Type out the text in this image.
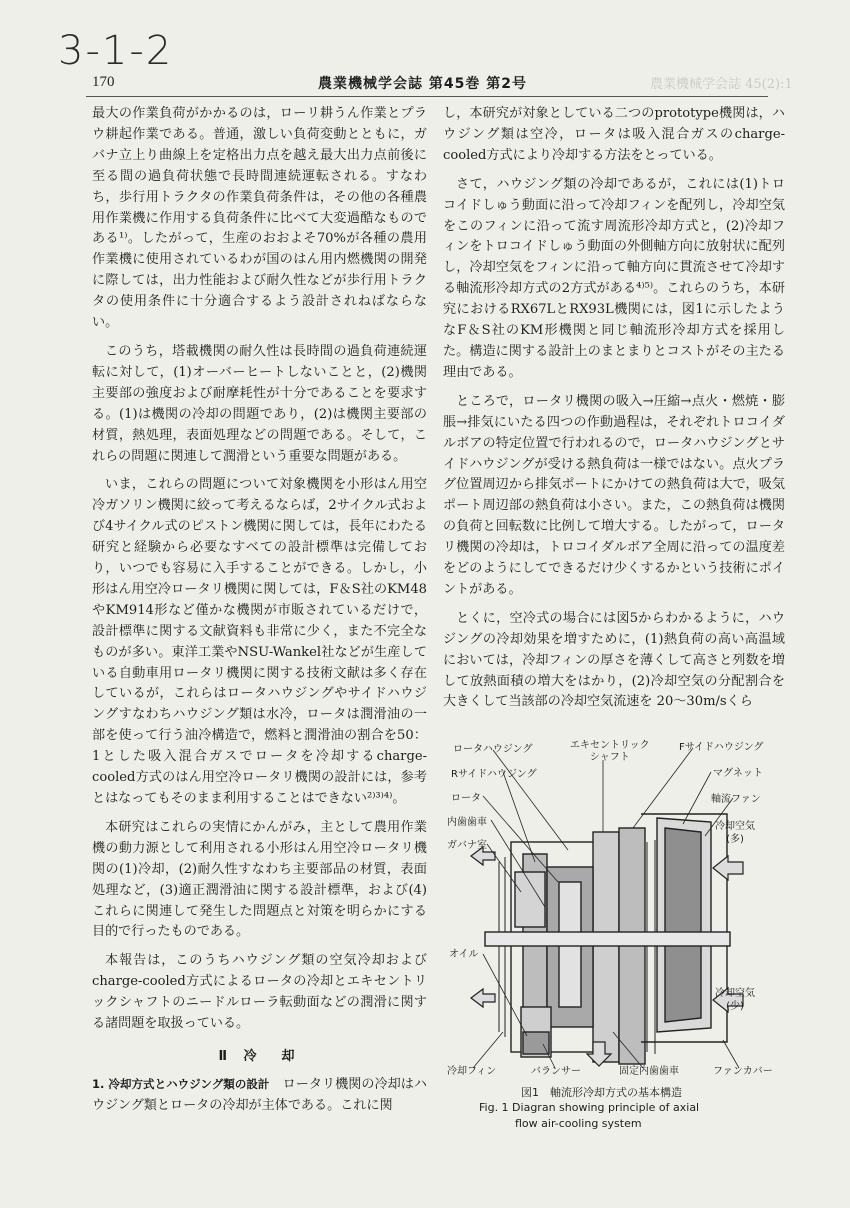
3-1-2
170	農業機械学会誌 第45巻 第2号	農業機械学会誌 45(2):1

最大の作業負荷がかかるのは，ローリ耕うん作業とプラウ耕起作業である。普通，激しい負荷変動とともに，ガバナ立上り曲線上を定格出力点を越え最大出力点前後に至る間の過負荷状態で長時間連続運転される。すなわち，歩行用トラクタの作業負荷条件は，その他の各種農用作業機に作用する負荷条件に比べて大変過酷なものである¹⁾。したがって，生産のおおよそ70%が各種の農用作業機に使用されているわが国のはん用内燃機関の開発に際しては，出力性能および耐久性などが歩行用トラクタの使用条件に十分適合するよう設計されねばならない。

このうち，塔載機関の耐久性は長時間の過負荷連続運転に対して，(1)オーバーヒートしないことと，(2)機関主要部の強度および耐摩耗性が十分であることを要求する。(1)は機関の冷却の問題であり，(2)は機関主要部の材質，熱処理，表面処理などの問題である。そして，これらの問題に関連して潤滑という重要な問題がある。

いま，これらの問題について対象機関を小形はん用空冷ガソリン機関に絞って考えるならば，2サイクル式および4サイクル式のピストン機関に関しては，長年にわたる研究と経験から必要なすべての設計標準は完備しており，いつでも容易に入手することができる。しかし，小形はん用空冷ロータリ機関に関しては，F＆S社のKM48やKM914形など僅かな機関が市販されているだけで，設計標準に関する文献資料も非常に少く，また不完全なものが多い。東洋工業やNSU-Wankel社などが生産している自動車用ロータリ機関に関する技術文献は多く存在しているが，これらはロータハウジングやサイドハウジングすなわちハウジング類は水冷，ロータは潤滑油の一部を使って行う油冷構造で，燃料と潤滑油の割合を50：1とした吸入混合ガスでロータを冷却するcharge-cooled方式のはん用空冷ロータリ機関の設計には，参考とはなってもそのまま利用することはできない²⁾³⁾⁴⁾。

本研究はこれらの実情にかんがみ，主として農用作業機の動力源として利用される小形はん用空冷ロータリ機関の(1)冷却，(2)耐久性すなわち主要部品の材質，表面処理など，(3)適正潤滑油に関する設計標準，および(4)これらに関連して発生した問題点と対策を明らかにする目的で行ったものである。

本報告は，このうちハウジング類の空気冷却およびcharge-cooled方式によるロータの冷却とエキセントリックシャフトのニードルローラ転動面などの潤滑に関する諸問題を取扱っている。

Ⅱ 冷　却

1. 冷却方式とハウジング類の設計　 ロータリ機関の冷却はハウジング類とロータの冷却が主体である。これに関

し，本研究が対象としている二つのprototype機関は，ハウジング類は空冷，ロータは吸入混合ガスのcharge-cooled方式により冷却する方法をとっている。

さて，ハウジング類の冷却であるが，これには(1)トロコイドしゅう動面に沿って冷却フィンを配列し，冷却空気をこのフィンに沿って流す周流形冷却方式と，(2)冷却フィンをトロコイドしゅう動面の外側軸方向に放射状に配列し，冷却空気をフィンに沿って軸方向に貫流させて冷却する軸流形冷却方式の2方式がある⁴⁾⁵⁾。これらのうち，本研究におけるRX67LとRX93L機関には，図1に示したようなF＆S社のKM形機関と同じ軸流形冷却方式を採用した。構造に関する設計上のまとまりとコストがその主たる理由である。

ところで，ロータリ機関の吸入→圧縮→点火・燃焼・膨脹→排気にいたる四つの作動過程は，それぞれトロコイダルボアの特定位置で行われるので，ロータハウジングとサイドハウジングが受ける熱負荷は一様ではない。点火プラグ位置周辺から排気ポートにかけての熱負荷は大で，吸気ポート周辺部の熱負荷は小さい。また，この熱負荷は機関の負荷と回転数に比例して増大する。したがって，ロータリ機関の冷却は，トロコイダルボア全周に沿っての温度差をどのようにしてできるだけ少くするかという技術にポイントがある。

とくに，空冷式の場合には図5からわかるように，ハウジングの冷却効果を増すために，(1)熱負荷の高い高温域においては，冷却フィンの厚さを薄くして高さと列数を増して放熱面積の増大をはかり，(2)冷却空気の分配割合を大きくして当該部の冷却空気流速を 20～30m/sくら

ロータハウジング	エキセントリック
シャフト
Fサイドハウジング
Rサイドハウジング	マグネット
ロータ	軸流ファン
内歯歯車	冷却空気
(多)
ガバナ室
オイル
冷却空気
(少)
冷却フィン	バランサー	固定内歯歯車	ファンカバー
図1　軸流形冷却方式の基本構造
Fig. 1 Diagran showing principle of axial
flow air-cooling system
